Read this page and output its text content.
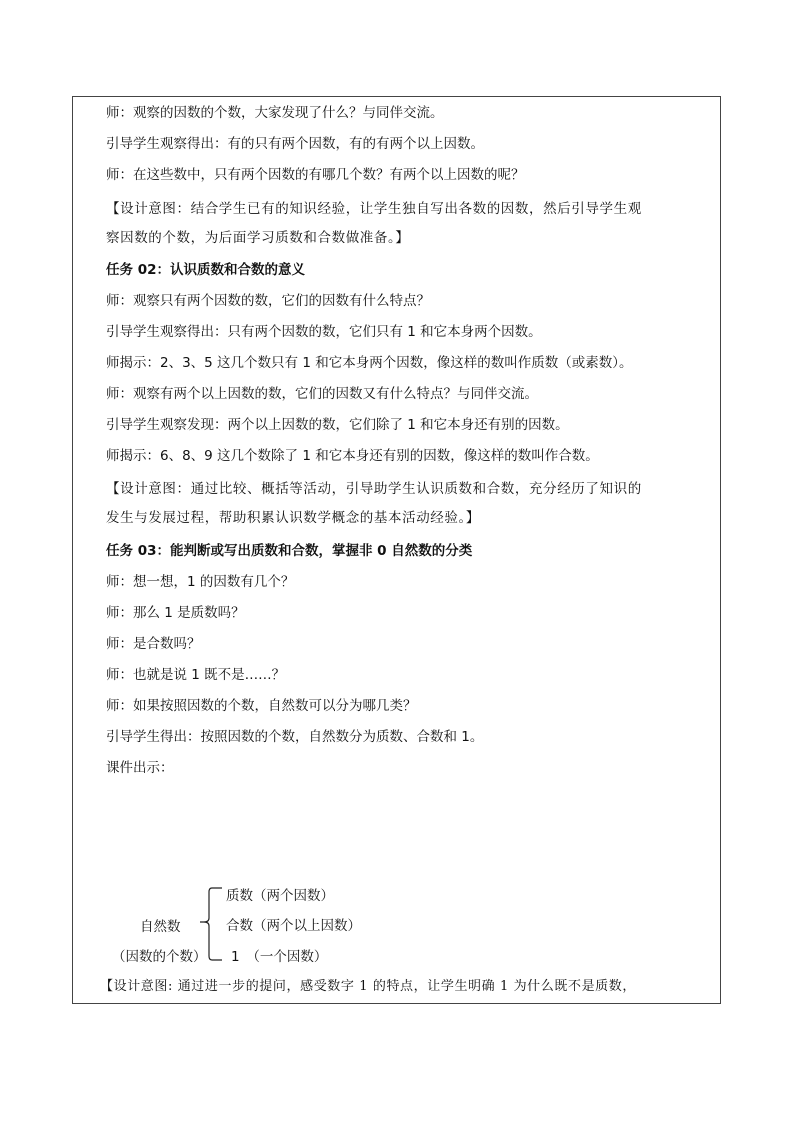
师：观察的因数的个数，大家发现了什么？与同伴交流。
引导学生观察得出：有的只有两个因数，有的有两个以上因数。
师：在这些数中，只有两个因数的有哪几个数？有两个以上因数的呢？
【设计意图：结合学生已有的知识经验，让学生独自写出各数的因数，然后引导学生观
察因数的个数，为后面学习质数和合数做准备。】
任务 02：认识质数和合数的意义
师：观察只有两个因数的数，它们的因数有什么特点？
引导学生观察得出：只有两个因数的数，它们只有 1 和它本身两个因数。
师揭示：2、3、5 这几个数只有 1 和它本身两个因数，像这样的数叫作质数（或素数）。
师：观察有两个以上因数的数，它们的因数又有什么特点？与同伴交流。
引导学生观察发现：两个以上因数的数，它们除了 1 和它本身还有别的因数。
师揭示：6、8、9 这几个数除了 1 和它本身还有别的因数，像这样的数叫作合数。
【设计意图：通过比较、概括等活动，引导助学生认识质数和合数，充分经历了知识的
发生与发展过程，帮助积累认识数学概念的基本活动经验。】
任务 03：能判断或写出质数和合数，掌握非 0 自然数的分类
师：想一想，1 的因数有几个？
师：那么 1 是质数吗？
师：是合数吗？
师：也就是说 1 既不是……？
师：如果按照因数的个数，自然数可以分为哪几类？
引导学生得出：按照因数的个数，自然数分为质数、合数和 1。
课件出示：
自然数
（因数的个数）
质数（两个因数）
合数（两个以上因数）
1　（一个因数）
【设计意图: 通过进一步的提问，感受数字 1 的特点，让学生明确 1 为什么既不是质数，
